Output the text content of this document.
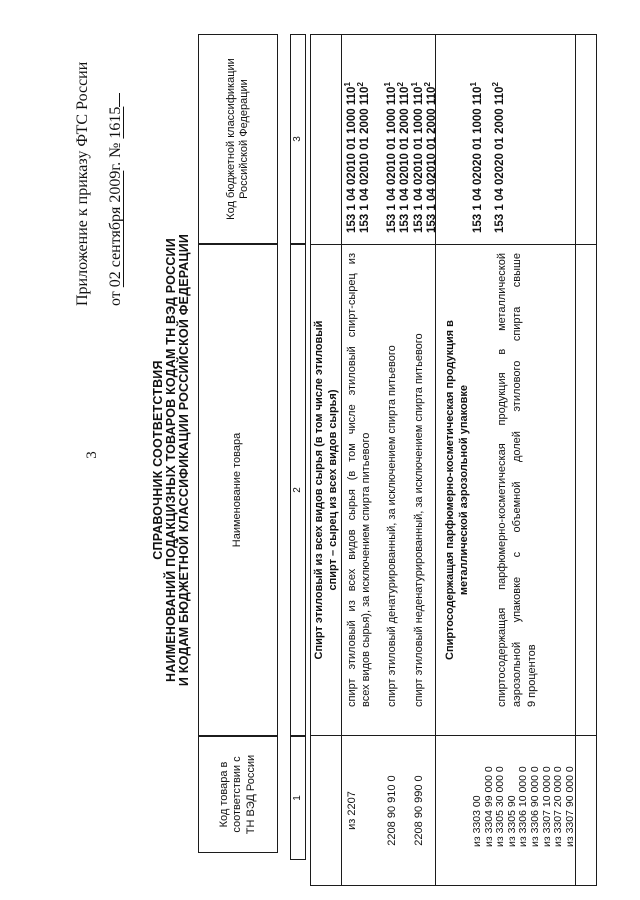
Приложение к приказу ФТС России	от 02 сентября 2009г. № 1615
3	СПРАВОЧНИК СООТВЕТСТВИЯ НАИМЕНОВАНИЙ ПОДАКЦИЗНЫХ ТОВАРОВ КОДАМ ТН ВЭД РОССИИ И КОДАМ БЮДЖЕТНОЙ КЛАССИФИКАЦИИ РОССИЙСКОЙ ФЕДЕРАЦИИ
Код товара в соответствии с ТН ВЭД России
Наименование товара
Код бюджетной классификации Российской Федерации
1
2
3
Спирт этиловый из всех видов сырья (в том числе этиловый спирт – сырец из всех видов сырья)
из 2207
спирт этиловый из всех видов сырья (в том числе этиловый спирт-сырец из всех видов сырья), за исключением спирта питьевого
153 1 04 02010 01 1000 $110^1$
153 1 04 02010 01 2000 $110^2$
2208 90 910 0
спирт этиловый денатурированный, за исключением спирта питьевого
153 1 04 02010 01 1000 $110^1$
153 1 04 02010 01 2000 $110^2$
2208 90 990 0
спирт этиловый неденатурированный, за исключением спирта питьевого
153 1 04 02010 01 1000 $110^1$
153 1 04 02010 01 2000 $110^2$
из 3303 00 из 3304 99 000 0 из 3305 30 000 0 из 3305 90 из 3306 10 000 0 из 3306 90 000 0 из 3307 10 000 0 из 3307 20 000 0 из 3307 90 000 0
Спиртосодержащая парфюмерно-косметическая продукция в металлической аэрозольной упаковке спиртосодержащая парфюмерно-косметическая продукция в металлической аэрозольной упаковке с объемной долей этилового спирта свыше 9 процентов
153 1 04 02020 01 1000 $110^1$
153 1 04 02020 01 2000 $110^2$
